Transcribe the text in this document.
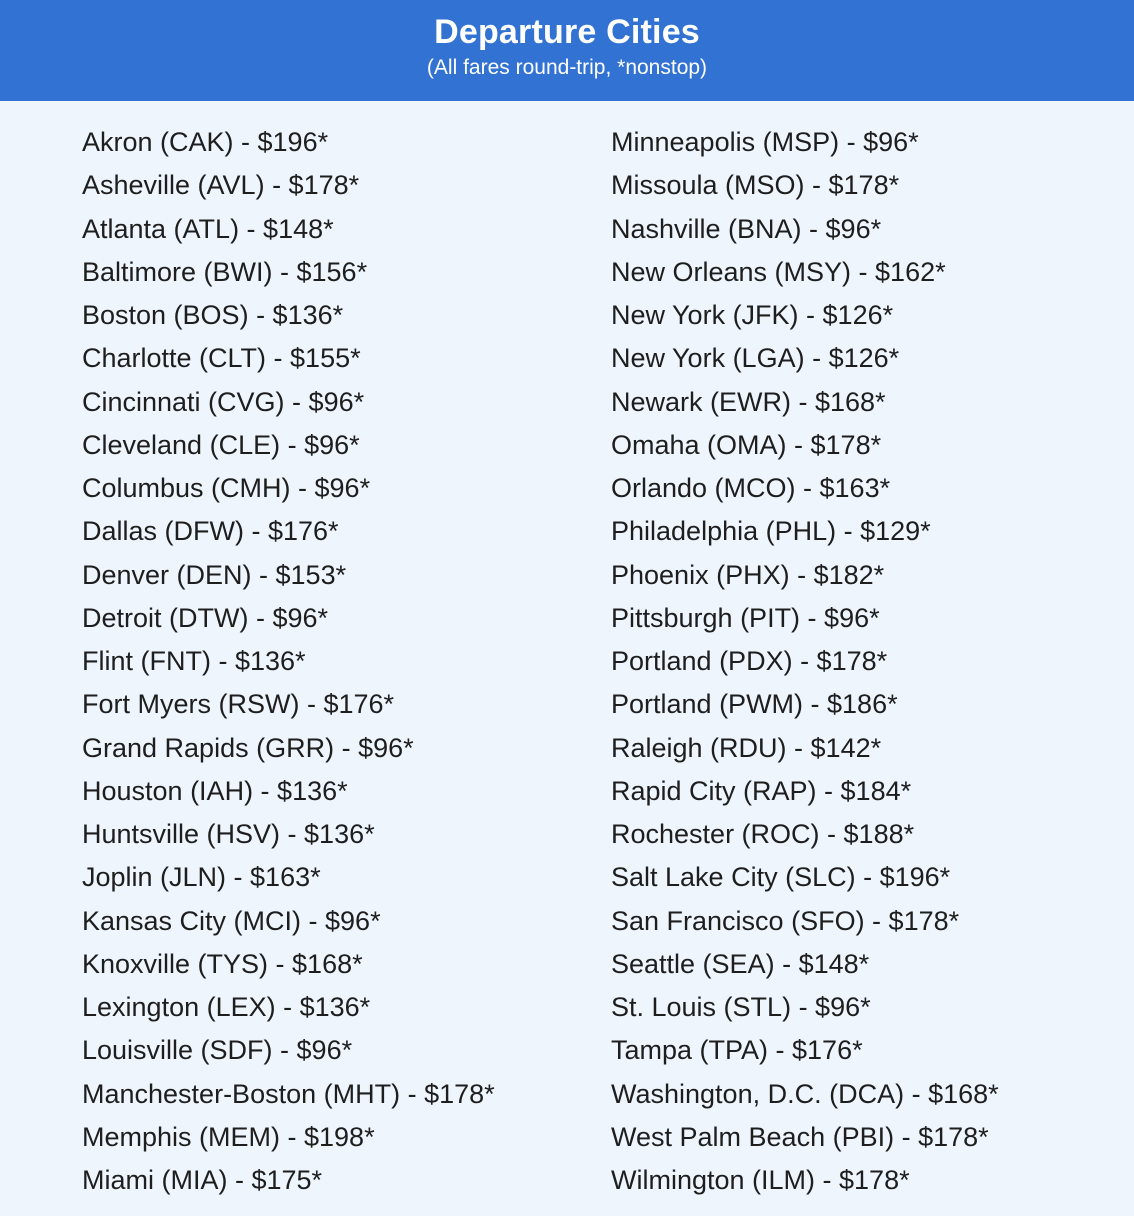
Departure Cities
(All fares round-trip, *nonstop)
Akron (CAK) - $196*
Asheville (AVL) - $178*
Atlanta (ATL) - $148*
Baltimore (BWI) - $156*
Boston (BOS) - $136*
Charlotte (CLT) - $155*
Cincinnati (CVG) - $96*
Cleveland (CLE) - $96*
Columbus (CMH) - $96*
Dallas (DFW) - $176*
Denver (DEN) - $153*
Detroit (DTW) - $96*
Flint (FNT) - $136*
Fort Myers (RSW) - $176*
Grand Rapids (GRR) - $96*
Houston (IAH) - $136*
Huntsville (HSV) - $136*
Joplin (JLN) - $163*
Kansas City (MCI) - $96*
Knoxville (TYS) - $168*
Lexington (LEX) - $136*
Louisville (SDF) - $96*
Manchester-Boston (MHT) - $178*
Memphis (MEM) - $198*
Miami (MIA) - $175*
Minneapolis (MSP) - $96*
Missoula (MSO) - $178*
Nashville (BNA) - $96*
New Orleans (MSY) - $162*
New York (JFK) - $126*
New York (LGA) - $126*
Newark (EWR) - $168*
Omaha (OMA) - $178*
Orlando (MCO) - $163*
Philadelphia (PHL) - $129*
Phoenix (PHX) - $182*
Pittsburgh (PIT) - $96*
Portland (PDX) - $178*
Portland (PWM) - $186*
Raleigh (RDU) - $142*
Rapid City (RAP) - $184*
Rochester (ROC) - $188*
Salt Lake City (SLC) - $196*
San Francisco (SFO) - $178*
Seattle (SEA) - $148*
St. Louis (STL) - $96*
Tampa (TPA) - $176*
Washington, D.C. (DCA) - $168*
West Palm Beach (PBI) - $178*
Wilmington (ILM) - $178*
